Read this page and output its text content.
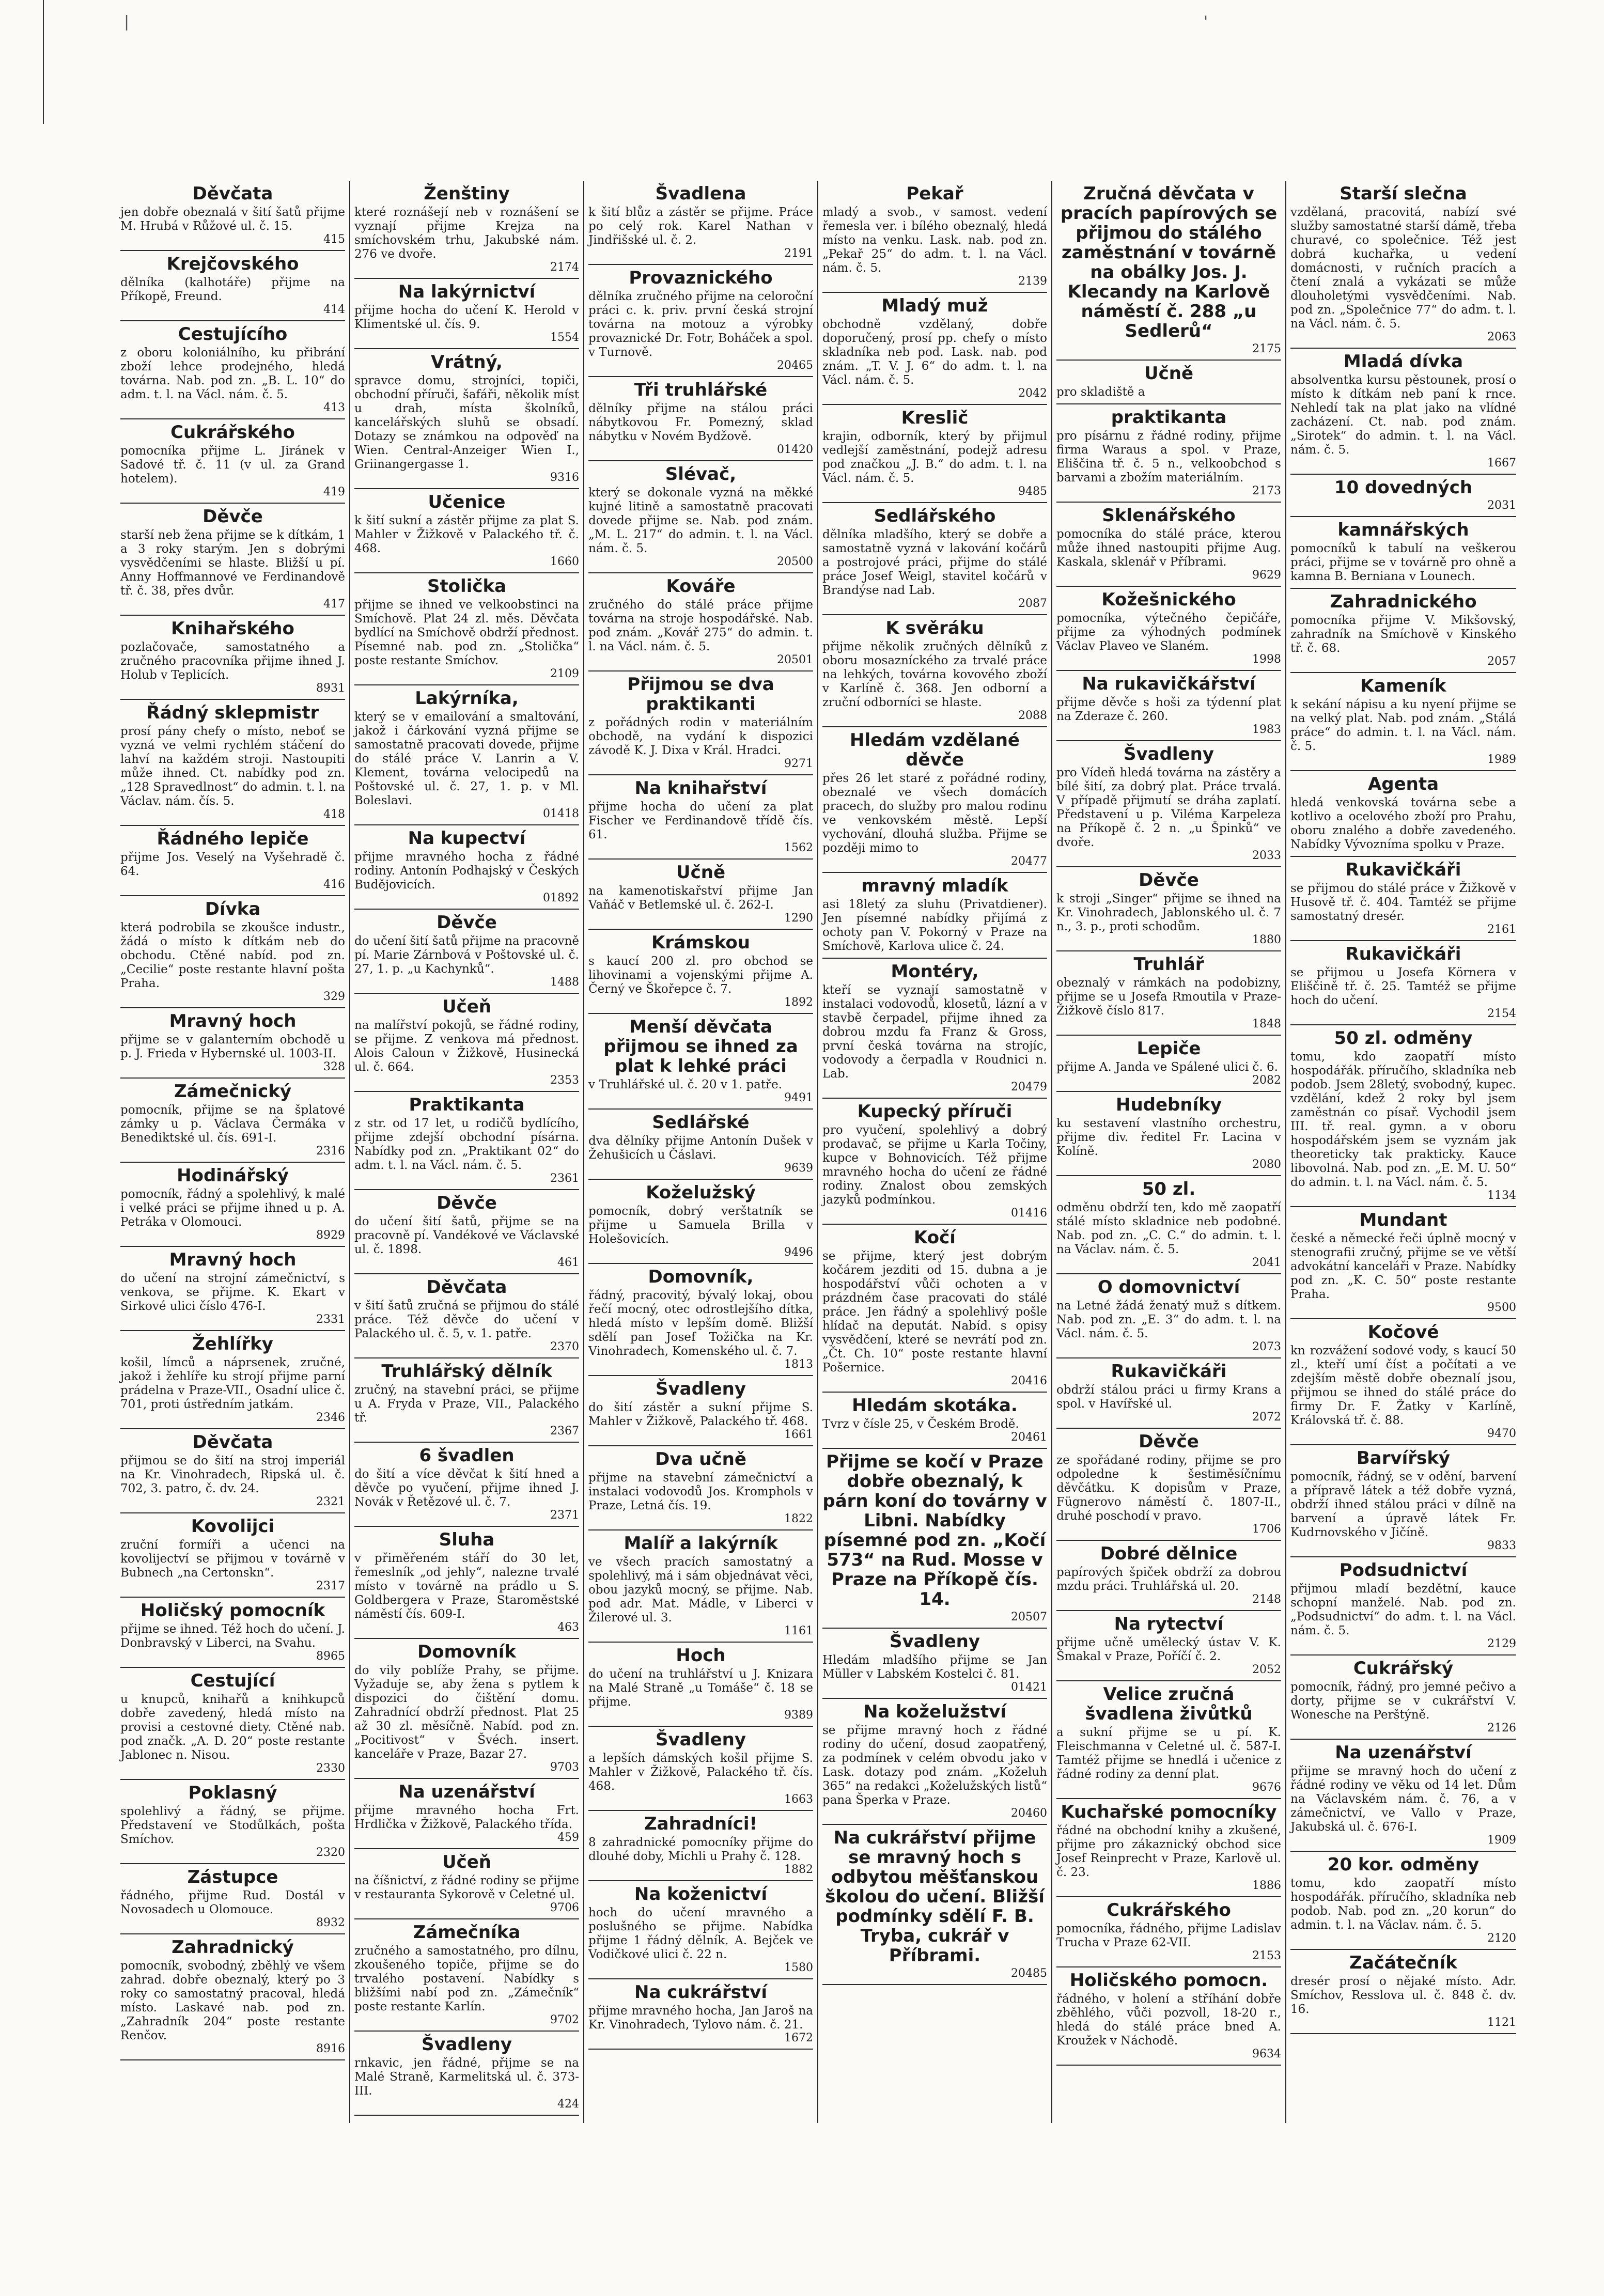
|	'
Děvčata

jen dobře obeznalá v šití šatů přijme M. Hrubá v Růžové ul. č. 15.

415
Krejčovského

dělníka (kalhotáře) přijme na Příkopě, Freund.

414
Cestujícího

z oboru koloniálního, ku přibrání zboží lehce prodejného, hledá továrna. Nab. pod zn. „B. L. 10“ do adm. t. l. na Václ. nám. č. 5.

413
Cukrářského

pomocníka přijme L. Jiránek v Sadové tř. č. 11 (v ul. za Grand hotelem).

419
Děvče

starší neb žena přijme se k dítkám, 1 a 3 roky starým. Jen s dobrými vysvědčeními se hlaste. Bližší u pí. Anny Hoffmannové ve Ferdinandově tř. č. 38, přes dvůr.

417
Knihařského

pozlačovače, samostatného a zručného pracovníka přijme ihned J. Holub v Teplicích.

8931
Řádný sklepmistr

prosí pány chefy o místo, neboť se vyzná ve velmi rychlém stáčení do lahví na každém stroji. Nastoupiti může ihned. Ct. nabídky pod zn. „128 Spravedlnost“ do admin. t. l. na Václav. nám. čís. 5.

418
Řádného lepiče

přijme Jos. Veselý na Vyšehradě č. 64.

416
Dívka

která podrobila se zkoušce industr., žádá o místo k dítkám neb do obchodu. Ctěné nabíd. pod zn. „Cecilie“ poste restante hlavní pošta Praha.

329
Mravný hoch

přijme se v galanterním obchodě u p. J. Frieda v Hybernské ul. 1003-II.

328
Zámečnický

pomocník, přijme se na šplatové zámky u p. Václava Čermáka v Benediktské ul. čís. 691-I.

2316
Hodinářský

pomocník, řádný a spolehlivý, k malé i velké práci se přijme ihned u p. A. Petráka v Olomouci.

8929
Mravný hoch

do učení na strojní zámečnictví, s venkova, se přijme. K. Ekart v Sirkové ulici číslo 476-I.

2331
Žehlířky

košil, límců a náprsenek, zručné, jakož i žehlíře ku strojí přijme parní prádelna v Praze-VII., Osadní ulice č. 701, proti ústředním jatkám.

2346
Děvčata

přijmou se do šití na stroj imperiál na Kr. Vinohradech, Ripská ul. č. 702, 3. patro, č. dv. 24.

2321
Kovolijci

zruční formíři a učenci na kovolijectví se přijmou v továrně v Bubnech „na Certonskn“.

2317
Holičský pomocník

přijme se ihned. Též hoch do učení. J. Donbravský v Liberci, na Svahu.

8965
Cestující

u knupců, knihařů a knihkupců dobře zavedený, hledá místo na provisi a cestovné diety. Ctěné nab. pod značk. „A. D. 20“ poste restante Jablonec n. Nisou.

2330
Poklasný

spolehlivý a řádný, se přijme. Představení ve Stodůlkách, pošta Smíchov.

2320
Zástupce

řádného, přijme Rud. Dostál v Novosadech u Olomouce.

8932
Zahradnický

pomocník, svobodný, zběhlý ve všem zahrad. dobře obeznalý, který po 3 roky co samostatný pracoval, hledá místo. Laskavé nab. pod zn. „Zahradník 204“ poste restante Renčov.

8916
Ženštiny

které roznášejí neb v roznášení se vyznají přijme Krejza na smíchovském trhu, Jakubské nám. 276 ve dvoře.

2174
Na lakýrnictví

přijme hocha do učení K. Herold v Klimentské ul. čís. 9.

1554
Vrátný,

spravce domu, strojníci, topiči, obchodní příruči, šafáři, několik míst u drah, místa školníků, kancelářských sluhů se obsadí. Dotazy se známkou na odpověď na Wien. Central-Anzeiger Wien I., Griinangergasse 1.

9316
Učenice

k šití sukní a zástěr přijme za plat S. Mahler v Žižkově v Palackého tř. č. 468.

1660
Stolička

přijme se ihned ve velkoobstinci na Smíchově. Plat 24 zl. měs. Děvčata bydlící na Smíchově obdrží přednost. Písemné nab. pod zn. „Stolička“ poste restante Smíchov.

2109
Lakýrníka,

který se v emailování a smaltování, jakož i čárkování vyzná přijme se samostatně pracovati dovede, přijme do stálé práce V. Lanrin a V. Klement, továrna velocipedů na Poštovské ul. č. 27, 1. p. v Ml. Boleslavi.

01418
Na kupectví

přijme mravného hocha z řádné rodiny. Antonín Podhajský v Českých Budějovicích.

01892
Děvče

do učení šití šatů přijme na pracovně pí. Marie Zárnbová v Poštovské ul. č. 27, 1. p. „u Kachynků“.

1488
Učeň

na malířství pokojů, se řádné rodiny, se přijme. Z venkova má přednost. Alois Caloun v Žižkově, Husinecká ul. č. 664.

2353
Praktikanta

z str. od 17 let, u rodičů bydlícího, přijme zdejší obchodní písárna. Nabídky pod zn. „Praktikant 02“ do adm. t. l. na Václ. nám. č. 5.

2361
Děvče

do učení šití šatů, přijme se na pracovně pí. Vandékové ve Václavské ul. č. 1898.

461
Děvčata

v šití šatů zručná se přijmou do stálé práce. Též děvče do učení v Palackého ul. č. 5, v. 1. patře.

2370
Truhlářský dělník

zručný, na stavební práci, se přijme u A. Fryda v Praze, VII., Palackého tř.

2367
6 švadlen

do šití a více děvčat k šití hned a děvče po vyučení, přijme ihned J. Novák v Řetězové ul. č. 7.

2371
Sluha

v přiměřeném stáří do 30 let, řemeslník „od jehly“, nalezne trvalé místo v továrně na prádlo u S. Goldbergera v Praze, Staroměstské náměstí čís. 609-I.

463
Domovník

do vily poblíže Prahy, se přijme. Vyžaduje se, aby žena s pytlem k dispozici do čištění domu. Zahradnící obdrží přednost. Plat 25 až 30 zl. měsíčně. Nabíd. pod zn. „Pocitivost“ v Švéch. insert. kanceláře v Praze, Bazar 27.

9703
Na uzenářství

přijme mravného hocha Frt. Hrdlička v Žižkově, Palackého třída.

459
Učeň

na číšnictví, z řádné rodiny se přijme v restauranta Sykorově v Celetné ul.

9706
Zámečníka

zručného a samostatného, pro dílnu, zkoušeného topiče, přijme se do trvalého postavení. Nabídky s bližšími nabí pod zn. „Zámečník“ poste restante Karlín.

9702
Švadleny

rnkavic, jen řádné, přijme se na Malé Straně, Karmelitská ul. č. 373-III.

424
Švadlena

k šití blůz a zástěr se přijme. Práce po celý rok. Karel Nathan v Jindřišské ul. č. 2.

2191
Provaznického

dělníka zručného přijme na celoroční práci c. k. priv. první česká strojní továrna na motouz a výrobky provaznické Dr. Fotr, Boháček a spol. v Turnově.

20465
Tři truhlářské

dělníky přijme na stálou práci nábytkovou Fr. Pomezný, sklad nábytku v Novém Bydžově.

01420
Slévač,

který se dokonale vyzná na měkké kujné litině a samostatně pracovati dovede přijme se. Nab. pod znám. „M. L. 217“ do admin. t. l. na Václ. nám. č. 5.

20500
Kováře

zručného do stálé práce přijme továrna na stroje hospodářské. Nab. pod znám. „Kovář 275“ do admin. t. l. na Václ. nám. č. 5.

20501
Přijmou se dva praktikanti

z pořádných rodin v materiálním obchodě, na vydání k dispozici závodě K. J. Dixa v Král. Hradci.

9271
Na knihařství

přijme hocha do učení za plat Fischer ve Ferdinandově třídě čís. 61.

1562
Učně

na kamenotiskařství přijme Jan Vaňáč v Betlemské ul. č. 262-I.

1290
Krámskou

s kaucí 200 zl. pro obchod se lihovinami a vojenskými přijme A. Černý ve Škořepce č. 7.

1892
Menší děvčata přijmou se ihned za plat k lehké práci

v Truhlářské ul. č. 20 v 1. patře.

9491
Sedlářské

dva dělníky přijme Antonín Dušek v Žehušicích u Čáslavi.

9639
Koželužský

pomocník, dobrý verštatník se přijme u Samuela Brilla v Holešovicích.

9496
Domovník,

řádný, pracovitý, bývalý lokaj, obou řečí mocný, otec odrostlejšího dítka, hledá místo v lepším domě. Bližší sdělí pan Josef Tožička na Kr. Vinohradech, Komenského ul. č. 7.

1813
Švadleny

do šití zástěr a sukní přijme S. Mahler v Žižkově, Palackého tř. 468.

1661
Dva učně

přijme na stavební zámečnictví a instalaci vodovodů Jos. Kromphols v Praze, Letná čís. 19.

1822
Malíř a lakýrník

ve všech pracích samostatný a spolehlivý, má i sám objednávat věci, obou jazyků mocný, se přijme. Nab. pod adr. Mat. Mádle, v Liberci v Žilerové ul. 3.

1161
Hoch

do učení na truhlářství u J. Knizara na Malé Straně „u Tomáše“ č. 18 se přijme.

9389
Švadleny

a lepších dámských košil přijme S. Mahler v Žižkově, Palackého tř. čís. 468.

1663
Zahradníci!

8 zahradnické pomocníky přijme do dlouhé doby, Michli u Prahy č. 128.

1882
Na koženictví

hoch do učení mravného a poslušného se přijme. Nabídka přijme 1 řádný dělník. A. Bejček ve Vodičkové ulici č. 22 n.

1580
Na cukrářství

přijme mravného hocha, Jan Jaroš na Kr. Vinohradech, Tylovo nám. č. 21.

1672
Pekař

mladý a svob., v samost. vedení řemesla ver. i bílého obeznalý, hledá místo na venku. Lask. nab. pod zn. „Pekař 25“ do adm. t. l. na Václ. nám. č. 5.

2139
Mladý muž

obchodně vzdělaný, dobře doporučený, prosí pp. chefy o místo skladníka neb pod. Lask. nab. pod znám. „T. V. J. 6“ do adm. t. l. na Václ. nám. č. 5.

2042
Kreslič

krajin, odborník, který by přijmul vedlejší zaměstnání, podejž adresu pod značkou „J. B.“ do adm. t. l. na Václ. nám. č. 5.

9485
Sedlářského

dělníka mladšího, který se dobře a samostatně vyzná v lakování kočárů a postrojové práci, přijme do stálé práce Josef Weigl, stavitel kočárů v Brandýse nad Lab.

2087
K svěráku

přijme několik zručných dělníků z oboru mosazníckého za trvalé práce na lehkých, továrna kovového zboží v Karlíně č. 368. Jen odborní a zruční odborníci se hlaste.

2088
Hledám vzdělané děvče

přes 26 let staré z pořádné rodiny, obeznalé ve všech domácích pracech, do služby pro malou rodinu ve venkovském městě. Lepší vychování, dlouhá služba. Přijme se později mimo to

20477
mravný mladík

asi 18letý za sluhu (Privatdiener). Jen písemné nabídky přijímá z ochoty pan V. Pokorný v Praze na Smíchově, Karlova ulice č. 24.

Montéry,

kteří se vyznají samostatně v instalaci vodovodů, klosetů, lázní a v stavbě čerpadel, přijme ihned za dobrou mzdu fa Franz & Gross, první česká továrna na strojíc, vodovody a čerpadla v Roudnici n. Lab.

20479
Kupecký příruči

pro vyučení, spolehlivý a dobrý prodavač, se přijme u Karla Točiny, kupce v Bohnovicích. Též přijme mravného hocha do učení ze řádné rodiny. Znalost obou zemských jazyků podmínkou.

01416
Kočí

se přijme, který jest dobrým kočárem jezditi od 15. dubna a je hospodářství vůči ochoten a v prázdném čase pracovati do stálé práce. Jen řádný a spolehlivý pošle hlídač na deputát. Nabíd. s opisy vysvědčení, které se nevrátí pod zn. „Čt. Ch. 10“ poste restante hlavní Pošernice.

20416
Hledám skotáka.

Tvrz v čísle 25, v Českém Brodě.

20461
Přijme se kočí v Praze dobře obeznalý, k párn koní do továrny v Libni. Nabídky písemné pod zn. „Kočí 573“ na Rud. Mosse v Praze na Příkopě čís. 14.

20507
Švadleny

Hledám mladšího přijme se Jan Müller v Labském Kostelci č. 81.

01421
Na koželužství

se přijme mravný hoch z řádné rodiny do učení, dosud zaopatřený, za podmínek v celém obvodu jako v Lask. dotazy pod znám. „Koželuh 365“ na redakci „Koželužských listů“ pana Šperka v Praze.

20460
Na cukrářství přijme se mravný hoch s odbytou měšťanskou školou do učení. Bližší podmínky sdělí F. B. Tryba, cukrář v Příbrami.

20485
Zručná děvčata v pracích papírových se přijmou do stálého zaměstnání v továrně na obálky Jos. J. Klecandy na Karlově náměstí č. 288 „u Sedlerů“

2175
Učně

pro skladiště a

praktikanta

pro písárnu z řádné rodiny, přijme firma Waraus a spol. v Praze, Eliščina tř. č. 5 n., velkoobchod s barvami a zbožím materiálním.

2173
Sklenářského

pomocníka do stálé práce, kterou může ihned nastoupiti přijme Aug. Kaskala, sklenář v Příbrami.

9629
Kožešnického

pomocníka, výtečného čepičáře, přijme za výhodných podmínek Václav Plaveo ve Slaném.

1998
Na rukavičkářství

přijme děvče s hoši za týdenní plat na Zderaze č. 260.

1983
Švadleny

pro Vídeň hledá továrna na zástěry a bílé šití, za dobrý plat. Práce trvalá. V případě přijmutí se dráha zaplatí. Představení u p. Viléma Karpeleza na Příkopě č. 2 n. „u Špinků“ ve dvoře.

2033
Děvče

k stroji „Singer“ přijme se ihned na Kr. Vinohradech, Jablonského ul. č. 7 n., 3. p., proti schodům.

1880
Truhlář

obeznalý v rámkách na podobizny, přijme se u Josefa Rmoutila v Praze-Žižkově číslo 817.

1848
Lepiče

přijme A. Janda ve Spálené ulici č. 6.

2082
Hudebníky

ku sestavení vlastního orchestru, přijme div. ředitel Fr. Lacina v Kolíně.

2080
50 zl.

odměnu obdrží ten, kdo mě zaopatří stálé místo skladnice neb podobné. Nab. pod zn. „C. C.“ do admin. t. l. na Václav. nám. č. 5.

2041
O domovnictví

na Letné žádá ženatý muž s dítkem. Nab. pod zn. „E. 3“ do adm. t. l. na Václ. nám. č. 5.

2073
Rukavičkáři

obdrží stálou práci u firmy Krans a spol. v Havířské ul.

2072
Děvče

ze spořádané rodiny, přijme se pro odpoledne k šestiměsíčnímu děvčátku. K dopisům v Praze, Fügnerovo náměstí č. 1807-II., druhé poschodí v pravo.

1706
Dobré dělnice

papírových špiček obdrží za dobrou mzdu práci. Truhlářská ul. 20.

2148
Na rytectví

přijme učně umělecký ústav V. K. Šmakal v Praze, Poříčí č. 2.

2052
Velice zručná švadlena živůtků

a sukní přijme se u pí. K. Fleischmanna v Celetné ul. č. 587-I. Tamtéž přijme se hnedlá i učenice z řádné rodiny za denní plat.

9676
Kuchařské pomocníky

řádné na obchodní knihy a zkušené, přijme pro zákaznický obchod sice Josef Reinprecht v Praze, Karlově ul. č. 23.

1886
Cukrářského

pomocníka, řádného, přijme Ladislav Trucha v Praze 62-VII.

2153
Holičského pomocn.

řádného, v holení a stříhání dobře zběhlého, vůči pozvoll, 18-20 r., hledá do stálé práce bned A. Kroužek v Náchodě.

9634
Starší slečna

vzdělaná, pracovitá, nabízí své služby samostatné starší dámě, třeba churavé, co společnice. Též jest dobrá kuchařka, u vedení domácnosti, v ručních pracích a čtení znalá a vykázati se může dlouholetými vysvědčeními. Nab. pod zn. „Společnice 77“ do adm. t. l. na Václ. nám. č. 5.

2063
Mladá dívka

absolventka kursu pěstounek, prosí o místo k dítkám neb paní k rnce. Nehledí tak na plat jako na vlídné zacházení. Ct. nab. pod znám. „Sirotek“ do admin. t. l. na Václ. nám. č. 5.

1667
10 dovedných

2031
kamnářských

pomocníků k tabulí na veškerou práci, přijme se v továrně pro ohně a kamna B. Berniana v Lounech.

Zahradnického

pomocníka přijme V. Mikšovský, zahradník na Smíchově v Kinského tř. č. 68.

2057
Kameník

k sekání nápisu a ku nyení přijme se na velký plat. Nab. pod znám. „Stálá práce“ do admin. t. l. na Václ. nám. č. 5.

1989
Agenta

hledá venkovská továrna sebe a kotlivo a ocelového zboží pro Prahu, oboru znalého a dobře zavedeného. Nabídky Vývozníma spolku v Praze.

Rukavičkáři

se přijmou do stálé práce v Žižkově v Husově tř. č. 404. Tamtéž se přijme samostatný dresér.

2161
Rukavičkáři

se přijmou u Josefa Körnera v Eliščině tř. č. 25. Tamtéž se přijme hoch do učení.

2154
50 zl. odměny

tomu, kdo zaopatří místo hospodářák. příručího, skladníka neb podob. Jsem 28letý, svobodný, kupec. vzdělání, kdež 2 roky byl jsem zaměstnán co písař. Vychodil jsem III. tř. real. gymn. a v oboru hospodářském jsem se vyznám jak theoreticky tak prakticky. Kauce libovolná. Nab. pod zn. „E. M. U. 50“ do admin. t. l. na Václ. nám. č. 5.

1134
Mundant

české a německé řeči úplně mocný v stenografii zručný, přijme se ve větší advokátní kanceláři v Praze. Nabídky pod zn. „K. C. 50“ poste restante Praha.

9500
Kočové

kn rozvážení sodové vody, s kaucí 50 zl., kteří umí číst a počítati a ve zdejším městě dobře obeznalí jsou, přijmou se ihned do stálé práce do firmy Dr. F. Žatky v Karlíně, Královská tř. č. 88.

9470
Barvířský

pomocník, řádný, se v odění, barvení a přípravě látek a též dobře vyzná, obdrží ihned stálou práci v dílně na barvení a úpravě látek Fr. Kudrnovského v Jičíně.

9833
Podsudnictví

přijmou mladí bezdětní, kauce schopní manželé. Nab. pod zn. „Podsudnictví“ do adm. t. l. na Václ. nám. č. 5.

2129
Cukrářský

pomocník, řádný, pro jemné pečivo a dorty, přijme se v cukrářství V. Wonesche na Perštýně.

2126
Na uzenářství

přijme se mravný hoch do učení z řádné rodiny ve věku od 14 let. Dům na Václavském nám. č. 76, a v zámečnictví, ve Vallo v Praze, Jakubská ul. č. 676-I.

1909
20 kor. odměny

tomu, kdo zaopatří místo hospodářák. příručího, skladníka neb podob. Nab. pod zn. „20 korun“ do admin. t. l. na Václav. nám. č. 5.

2120
Začátečník

dresér prosí o nějaké místo. Adr. Smíchov, Resslova ul. č. 848 č. dv. 16.

1121
